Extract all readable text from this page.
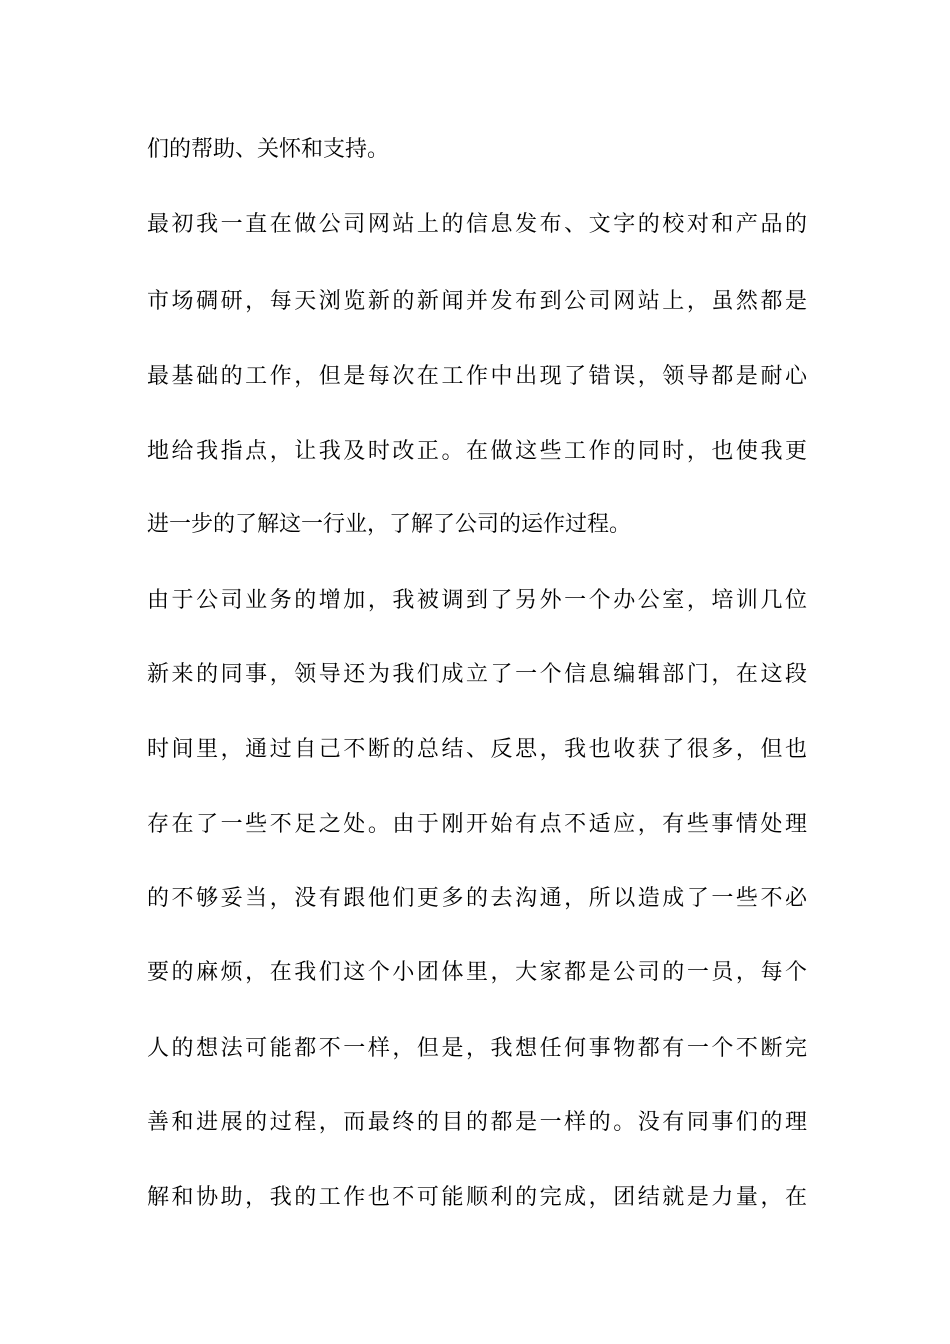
们的帮助、关怀和支持。
最初我一直在做公司网站上的信息发布、文字的校对和产品的
市场碉研，每天浏览新的新闻并发布到公司网站上，虽然都是
最基础的工作，但是每次在工作中出现了错误，领导都是耐心
地给我指点，让我及时改正。在做这些工作的同时，也使我更
进一步的了解这一行业，了解了公司的运作过程。
由于公司业务的增加，我被调到了另外一个办公室，培训几位
新来的同事，领导还为我们成立了一个信息编辑部门，在这段
时间里，通过自己不断的总结、反思，我也收获了很多，但也
存在了一些不足之处。由于刚开始有点不适应，有些事情处理
的不够妥当，没有跟他们更多的去沟通，所以造成了一些不必
要的麻烦，在我们这个小团体里，大家都是公司的一员，每个
人的想法可能都不一样，但是，我想任何事物都有一个不断完
善和进展的过程，而最终的目的都是一样的。没有同事们的理
解和协助，我的工作也不可能顺利的完成，团结就是力量，在
